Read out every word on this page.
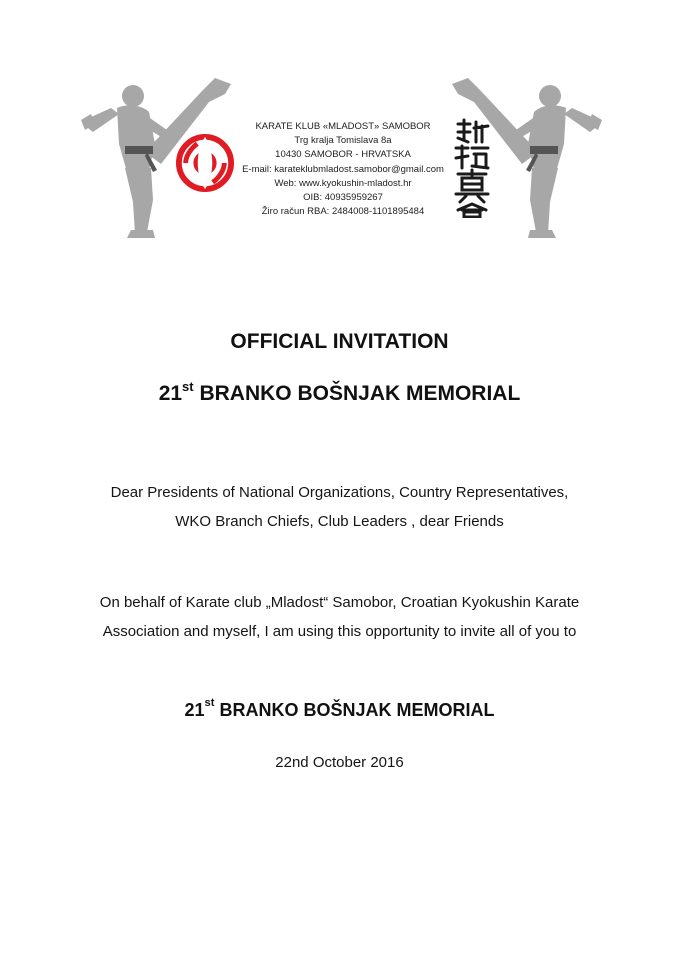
KARATE KLUB «MLADOST» SAMOBOR
Trg kralja Tomislava 8a
10430 SAMOBOR - HRVATSKA
E-mail: karateklubmladost.samobor@gmail.com
Web: www.kyokushin-mladost.hr
OIB: 40935959267
Žiro račun RBA: 2484008-1101895484
OFFICIAL INVITATION
21st BRANKO BOŠNJAK MEMORIAL

Dear Presidents of National Organizations, Country Representatives,
WKO Branch Chiefs, Club Leaders , dear Friends

On behalf of Karate club „Mladost“ Samobor, Croatian Kyokushin Karate
Association and myself, I am using this opportunity to invite all of you to

21st BRANKO BOŠNJAK MEMORIAL

22nd October 2016
